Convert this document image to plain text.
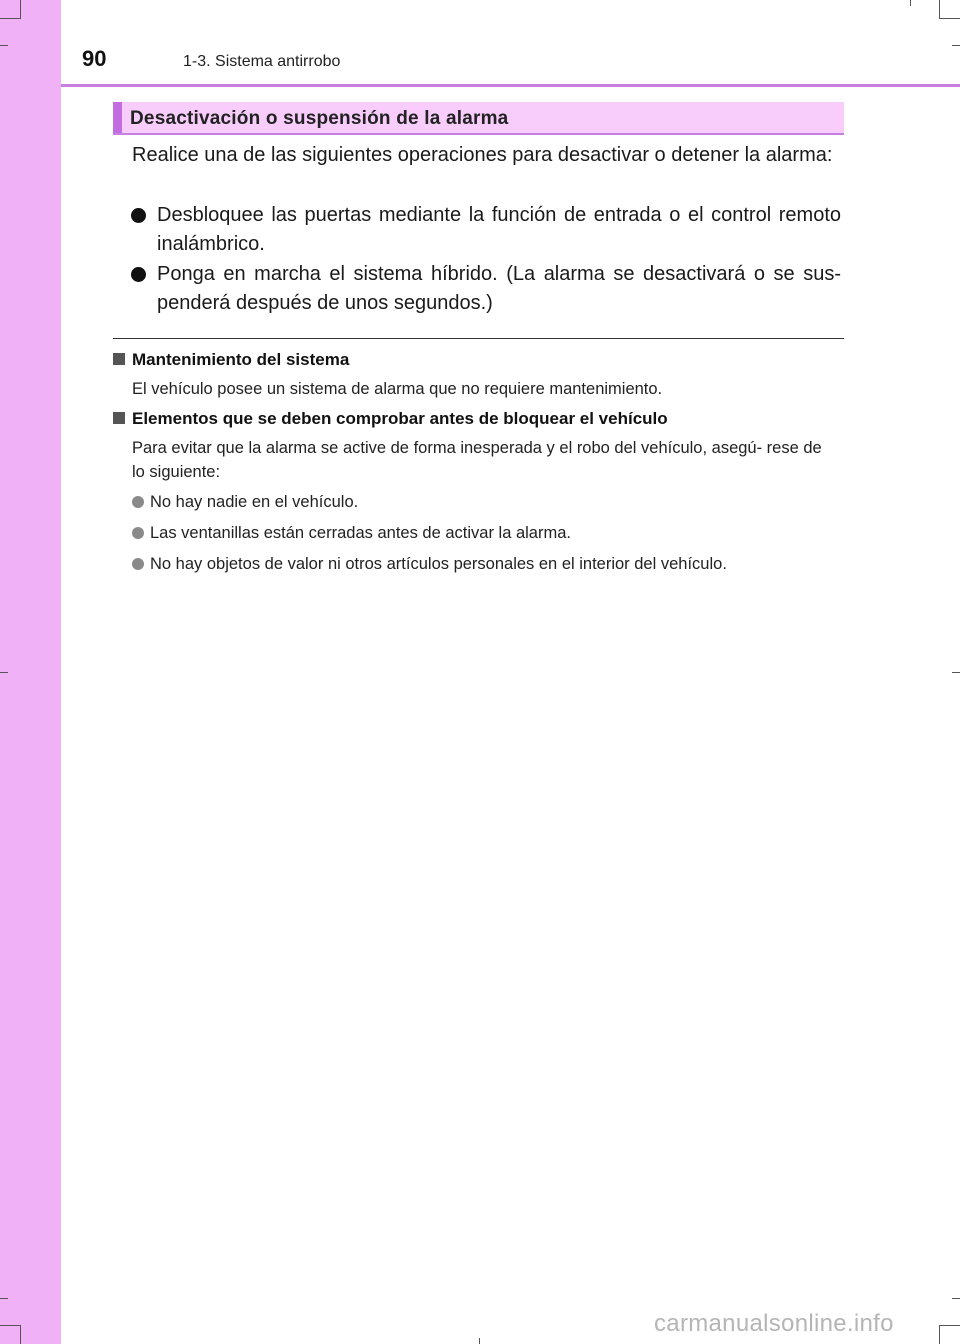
90	1-3. Sistema antirrobo
Desactivación o suspensión de la alarma

Realice una de las siguientes operaciones para desactivar o detener la alarma:

Desbloquee las puertas mediante la función de entrada o el control remoto inalámbrico.
Ponga en marcha el sistema híbrido. (La alarma se desactivará o se sus- penderá después de unos segundos.)
Mantenimiento del sistema
El vehículo posee un sistema de alarma que no requiere mantenimiento.
Elementos que se deben comprobar antes de bloquear el vehículo
Para evitar que la alarma se active de forma inesperada y el robo del vehículo, asegú- rese de lo siguiente:
No hay nadie en el vehículo.
Las ventanillas están cerradas antes de activar la alarma.
No hay objetos de valor ni otros artículos personales en el interior del vehículo.
carmanualsonline.info
